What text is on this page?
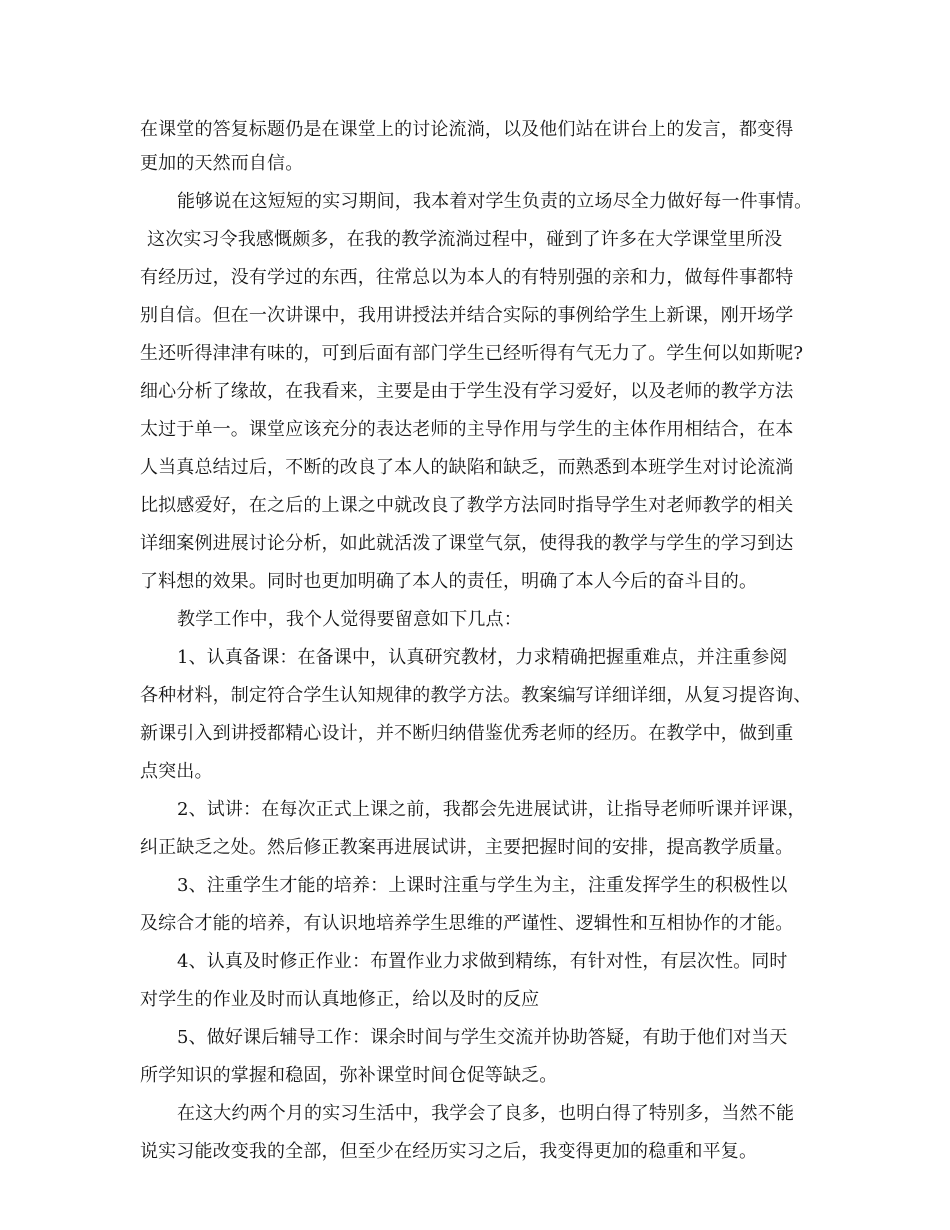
在课堂的答复标题仍是在课堂上的讨论流淌，以及他们站在讲台上的发言，都变得
更加的天然而自信。
能够说在这短短的实习期间，我本着对学生负责的立场尽全力做好每一件事情。
这次实习令我感慨颇多，在我的教学流淌过程中，碰到了许多在大学课堂里所没
有经历过，没有学过的东西，往常总以为本人的有特别强的亲和力，做每件事都特
别自信。但在一次讲课中，我用讲授法并结合实际的事例给学生上新课，刚开场学
生还听得津津有味的，可到后面有部门学生已经听得有气无力了。学生何以如斯呢?
细心分析了缘故，在我看来，主要是由于学生没有学习爱好，以及老师的教学方法
太过于单一。课堂应该充分的表达老师的主导作用与学生的主体作用相结合，在本
人当真总结过后，不断的改良了本人的缺陷和缺乏，而熟悉到本班学生对讨论流淌
比拟感爱好，在之后的上课之中就改良了教学方法同时指导学生对老师教学的相关
详细案例进展讨论分析，如此就活泼了课堂气氛，使得我的教学与学生的学习到达
了料想的效果。同时也更加明确了本人的责任，明确了本人今后的奋斗目的。
教学工作中，我个人觉得要留意如下几点：
1、认真备课：在备课中，认真研究教材，力求精确把握重难点，并注重参阅
各种材料，制定符合学生认知规律的教学方法。教案编写详细详细，从复习提咨询、
新课引入到讲授都精心设计，并不断归纳借鉴优秀老师的经历。在教学中，做到重
点突出。
2、试讲：在每次正式上课之前，我都会先进展试讲，让指导老师听课并评课，
纠正缺乏之处。然后修正教案再进展试讲，主要把握时间的安排，提高教学质量。
3、注重学生才能的培养：上课时注重与学生为主，注重发挥学生的积极性以
及综合才能的培养，有认识地培养学生思维的严谨性、逻辑性和互相协作的才能。
4、认真及时修正作业：布置作业力求做到精练，有针对性，有层次性。同时
对学生的作业及时而认真地修正，给以及时的反应
5、做好课后辅导工作：课余时间与学生交流并协助答疑，有助于他们对当天
所学知识的掌握和稳固，弥补课堂时间仓促等缺乏。
在这大约两个月的实习生活中，我学会了良多，也明白得了特别多，当然不能
说实习能改变我的全部，但至少在经历实习之后，我变得更加的稳重和平复。
